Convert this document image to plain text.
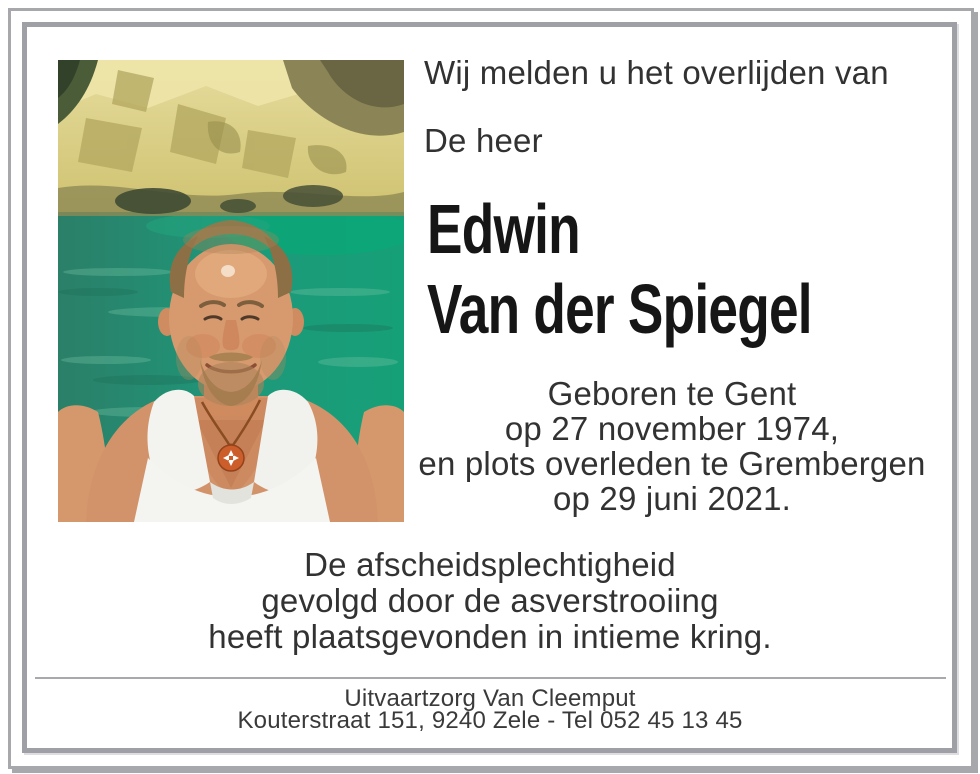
Wij melden u het overlijden van
De heer
Edwin
Van der Spiegel
Geboren te Gent
op 27 november 1974,
en plots overleden te Grembergen
op 29 juni 2021.
De afscheidsplechtigheid
gevolgd door de asverstrooiing
heeft plaatsgevonden in intieme kring.
Uitvaartzorg Van Cleemput
Kouterstraat 151, 9240 Zele - Tel 052 45 13 45
